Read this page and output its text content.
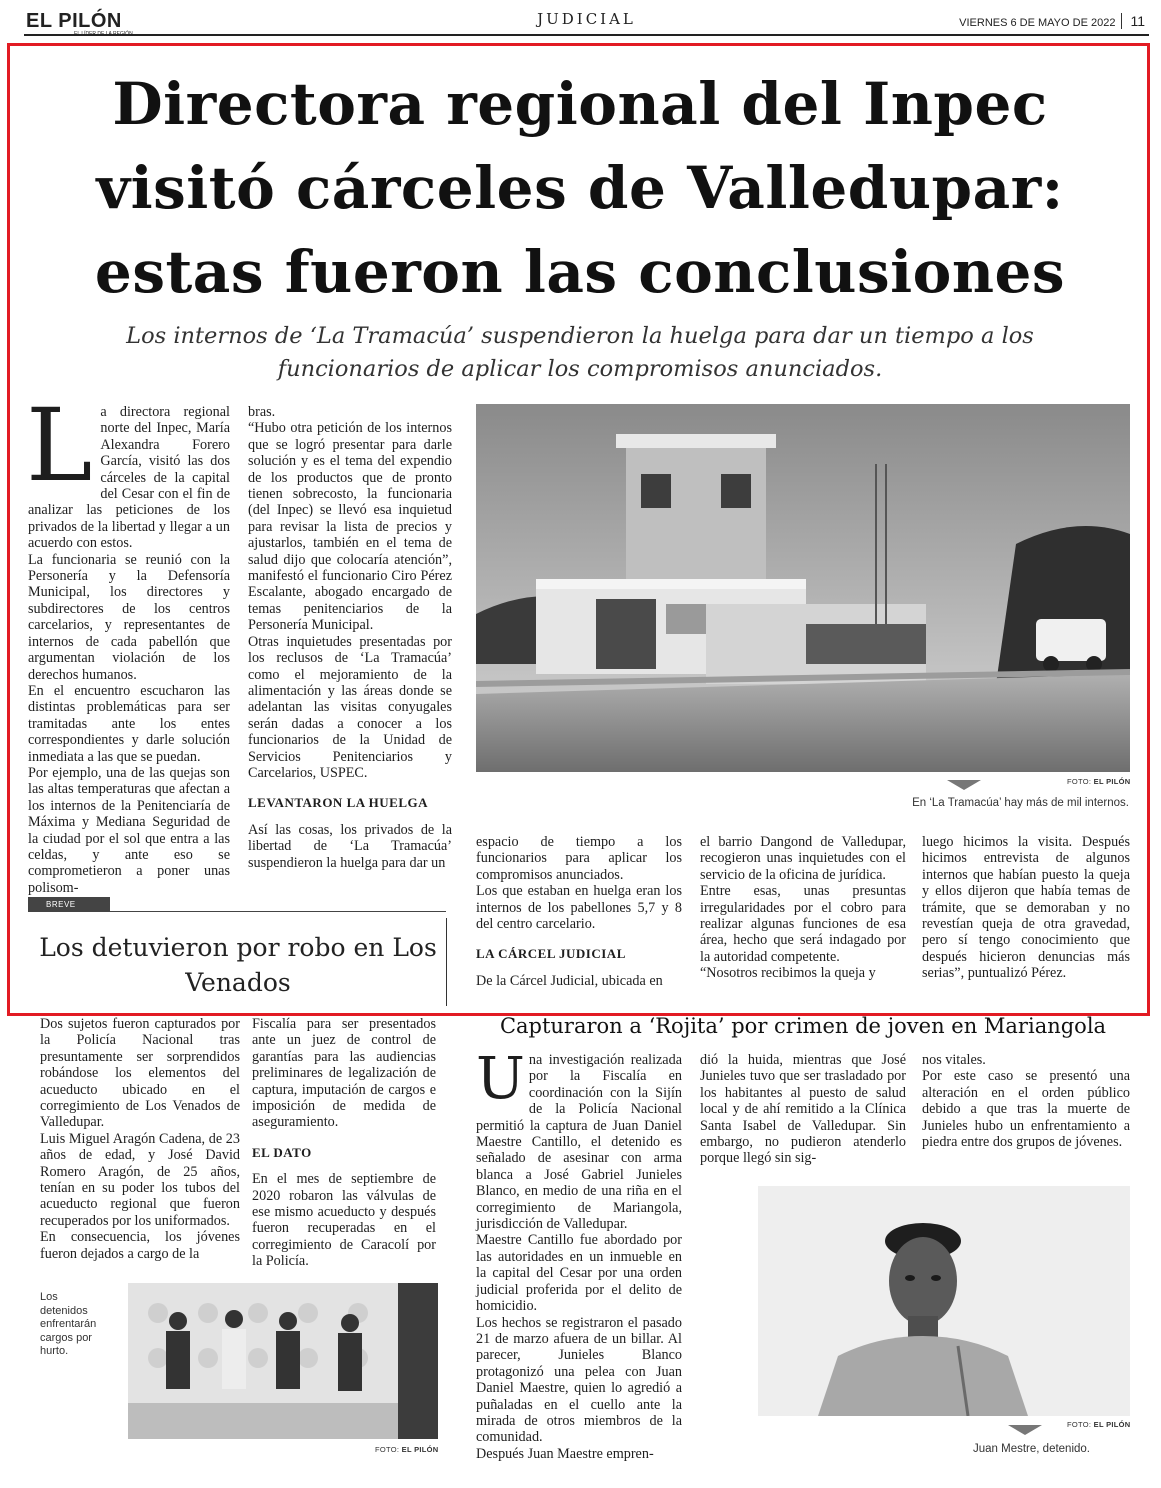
EL PILÓN
EL LÍDER DE LA REGIÓN
JUDICIAL	VIERNES 6 DE MAYO DE 2022 11
Directora regional del Inpec visitó cárceles de Valledupar: estas fueron las conclusiones
Los internos de ‘La Tramacúa’ suspendieron la huelga para dar un tiempo a los funcionarios de aplicar los compromisos anunciados.
L a directora regional norte del Inpec, María Alexandra Forero García, visitó las dos cárceles de la capital del Cesar con el fin de analizar las peticiones de los privados de la libertad y llegar a un acuerdo con estos.

La funcionaria se reunió con la Personería y la Defensoría Municipal, los directores y subdirectores de los centros carcelarios, y representantes de internos de cada pabellón que argumentan violación de los derechos humanos.

En el encuentro escucharon las distintas problemáticas para ser tramitadas ante los entes correspondientes y darle solución inmediata a las que se puedan.

Por ejemplo, una de las quejas son las altas temperaturas que afectan a los internos de la Penitenciaría de Máxima y Mediana Seguridad de la ciudad por el sol que entra a las celdas, y ante eso se comprometieron a poner unas polisom-

bras.

“Hubo otra petición de los internos que se logró presentar para darle solución y es el tema del expendio de los productos que de pronto tienen sobrecosto, la funcionaria (del Inpec) se llevó esa inquietud para revisar la lista de precios y ajustarlos, también en el tema de salud dijo que colocaría atención”, manifestó el funcionario Ciro Pérez Escalante, abogado encargado de temas penitenciarios de la Personería Municipal.

Otras inquietudes presentadas por los reclusos de ‘La Tramacúa’ como el mejoramiento de la alimentación y las áreas donde se adelantan las visitas conyugales serán dadas a conocer a los funcionarios de la Unidad de Servicios Penitenciarios y Carcelarios, USPEC.

LEVANTARON LA HUELGA

Así las cosas, los privados de la libertad de ‘La Tramacúa’ suspendieron la huelga para dar un

FOTO: EL PILÓN
En ‘La Tramacúa’ hay más de mil internos.

espacio de tiempo a los funcionarios para aplicar los compromisos anunciados.

Los que estaban en huelga eran los internos de los pabellones 5,7 y 8 del centro carcelario.

LA CÁRCEL JUDICIAL

De la Cárcel Judicial, ubicada en

el barrio Dangond de Valledupar, recogieron unas inquietudes con el servicio de la oficina de jurídica.

Entre esas, unas presuntas irregularidades por el cobro para realizar algunas funciones de esa área, hecho que será indagado por la autoridad competente.

“Nosotros recibimos la queja y

luego hicimos la visita. Después hicimos entrevista de algunos internos que habían puesto la queja y ellos dijeron que había temas de trámite, que se demoraban y no revestían queja de otra gravedad, pero sí tengo conocimiento que después hicieron denuncias más serias”, puntualizó Pérez.

BREVE
Los detuvieron por robo en Los Venados

Dos sujetos fueron capturados por la Policía Nacional tras presuntamente ser sorprendidos robándose los elementos del acueducto ubicado en el corregimiento de Los Venados de Valledupar.

Luis Miguel Aragón Cadena, de 23 años de edad, y José David Romero Aragón, de 25 años, tenían en su poder los tubos del acueducto regional que fueron recuperados por los uniformados.

En consecuencia, los jóvenes fueron dejados a cargo de la

Fiscalía para ser presentados ante un juez de control de garantías para las audiencias preliminares de legalización de captura, imputación de cargos e imposición de medida de aseguramiento.

EL DATO

En el mes de septiembre de 2020 robaron las válvulas de ese mismo acueducto y después fueron recuperadas en el corregimiento de Caracolí por la Policía.

Los detenidos enfrentarán cargos por hurto.
FOTO: EL PILÓN
Capturaron a ‘Rojita’ por crimen de joven en Mariangola
U na investigación realizada por la Fiscalía en coordinación con la Sijín de la Policía Nacional permitió la captura de Juan Daniel Maestre Cantillo, el detenido es señalado de asesinar con arma blanca a José Gabriel Junieles Blanco, en medio de una riña en el corregimiento de Mariangola, jurisdicción de Valledupar.

Maestre Cantillo fue abordado por las autoridades en un inmueble en la capital del Cesar por una orden judicial proferida por el delito de homicidio.

Los hechos se registraron el pasado 21 de marzo afuera de un billar. Al parecer, Junieles Blanco protagonizó una pelea con Juan Daniel Maestre, quien lo agredió a puñaladas en el cuello ante la mirada de otros miembros de la comunidad.

Después Juan Maestre empren-

dió la huida, mientras que José Junieles tuvo que ser trasladado por los habitantes al puesto de salud local y de ahí remitido a la Clínica Santa Isabel de Valledupar. Sin embargo, no pudieron atenderlo porque llegó sin sig-

nos vitales.

Por este caso se presentó una alteración en el orden público debido a que tras la muerte de Junieles hubo un enfrentamiento a piedra entre dos grupos de jóvenes.

FOTO: EL PILÓN
Juan Mestre, detenido.
